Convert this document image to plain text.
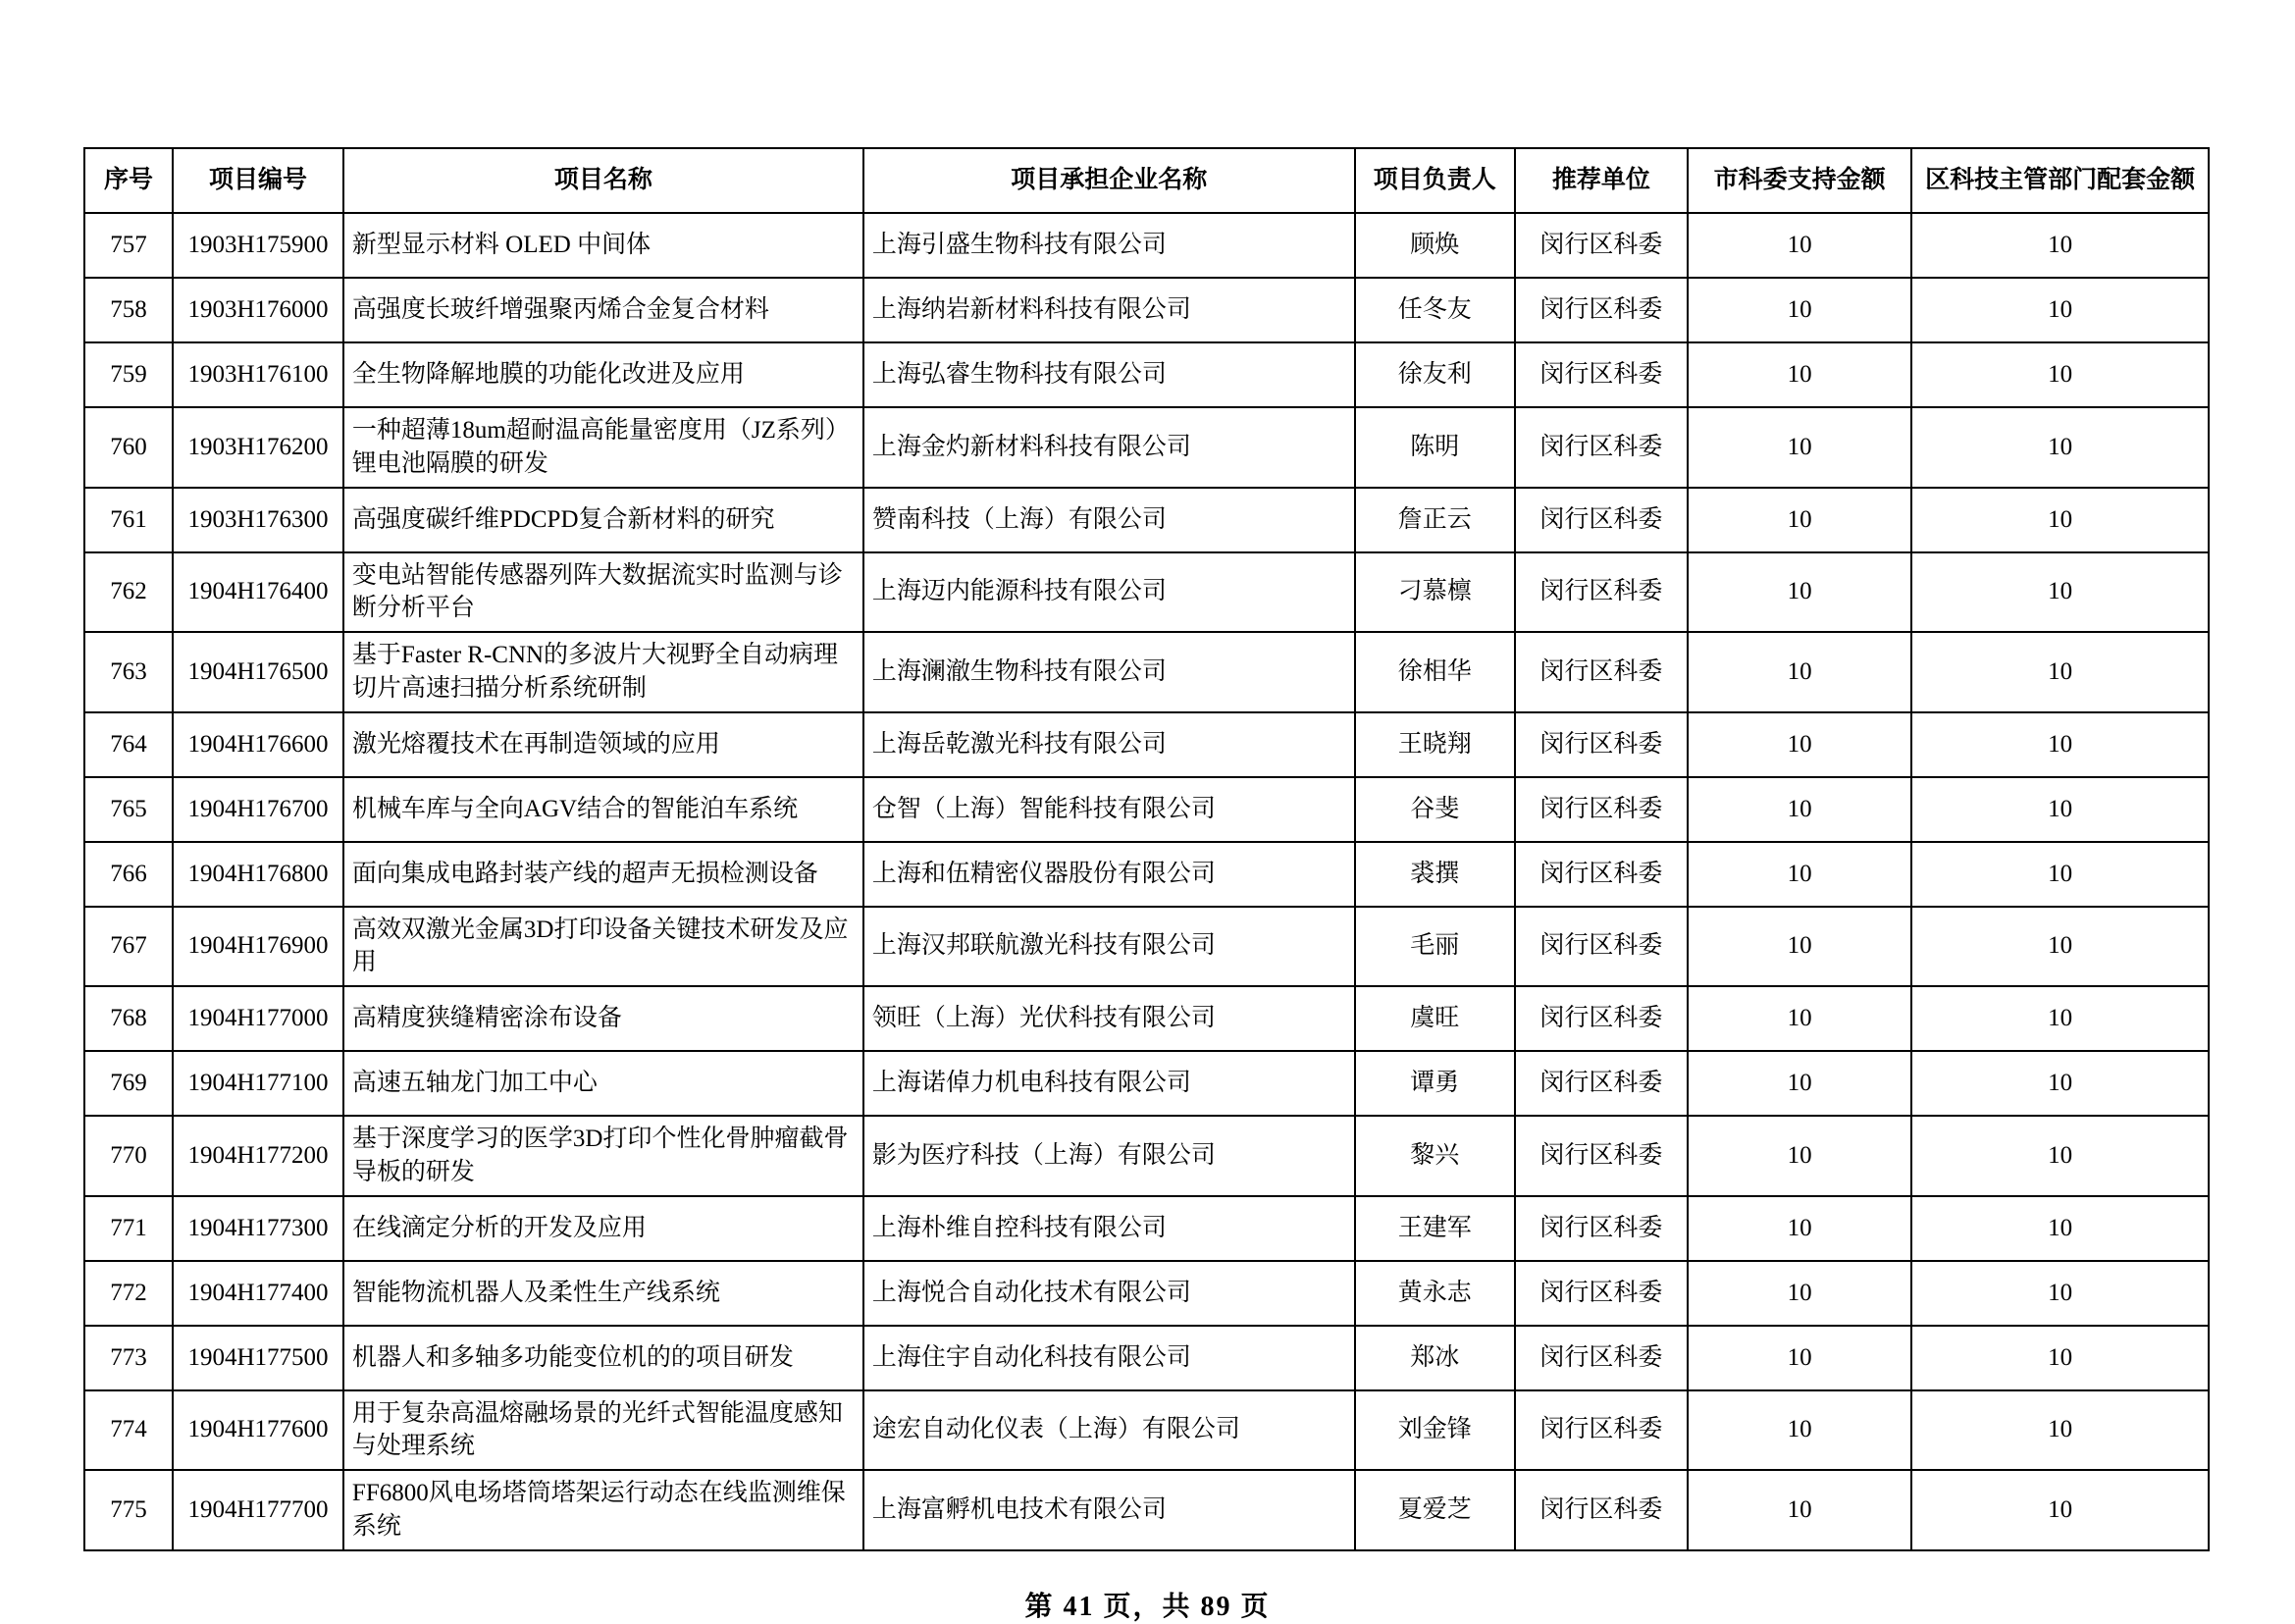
序号	项目编号	项目名称	项目承担企业名称	项目负责人	推荐单位	市科委支持金额	区科技主管部门配套金额
757	1903H175900	新型显示材料 OLED 中间体	上海引盛生物科技有限公司	顾焕	闵行区科委	10	10
758	1903H176000	高强度长玻纤增强聚丙烯合金复合材料	上海纳岩新材料科技有限公司	任冬友	闵行区科委	10	10
759	1903H176100	全生物降解地膜的功能化改进及应用	上海弘睿生物科技有限公司	徐友利	闵行区科委	10	10
760	1903H176200	一种超薄18um超耐温高能量密度用（JZ系列）锂电池隔膜的研发	上海金灼新材料科技有限公司	陈明	闵行区科委	10	10
761	1903H176300	高强度碳纤维PDCPD复合新材料的研究	赞南科技（上海）有限公司	詹正云	闵行区科委	10	10
762	1904H176400	变电站智能传感器列阵大数据流实时监测与诊断分析平台	上海迈内能源科技有限公司	刁慕檩	闵行区科委	10	10
763	1904H176500	基于Faster R-CNN的多波片大视野全自动病理切片高速扫描分析系统研制	上海澜澈生物科技有限公司	徐相华	闵行区科委	10	10
764	1904H176600	激光熔覆技术在再制造领域的应用	上海岳乾激光科技有限公司	王晓翔	闵行区科委	10	10
765	1904H176700	机械车库与全向AGV结合的智能泊车系统	仓智（上海）智能科技有限公司	谷斐	闵行区科委	10	10
766	1904H176800	面向集成电路封装产线的超声无损检测设备	上海和伍精密仪器股份有限公司	裘撰	闵行区科委	10	10
767	1904H176900	高效双激光金属3D打印设备关键技术研发及应用	上海汉邦联航激光科技有限公司	毛丽	闵行区科委	10	10
768	1904H177000	高精度狭缝精密涂布设备	领旺（上海）光伏科技有限公司	虞旺	闵行区科委	10	10
769	1904H177100	高速五轴龙门加工中心	上海诺倬力机电科技有限公司	谭勇	闵行区科委	10	10
770	1904H177200	基于深度学习的医学3D打印个性化骨肿瘤截骨导板的研发	影为医疗科技（上海）有限公司	黎兴	闵行区科委	10	10
771	1904H177300	在线滴定分析的开发及应用	上海朴维自控科技有限公司	王建军	闵行区科委	10	10
772	1904H177400	智能物流机器人及柔性生产线系统	上海悦合自动化技术有限公司	黄永志	闵行区科委	10	10
773	1904H177500	机器人和多轴多功能变位机的的项目研发	上海住宇自动化科技有限公司	郑冰	闵行区科委	10	10
774	1904H177600	用于复杂高温熔融场景的光纤式智能温度感知与处理系统	途宏自动化仪表（上海）有限公司	刘金锋	闵行区科委	10	10
775	1904H177700	FF6800风电场塔筒塔架运行动态在线监测维保系统	上海富孵机电技术有限公司	夏爱芝	闵行区科委	10	10
第 41 页，共 89 页
